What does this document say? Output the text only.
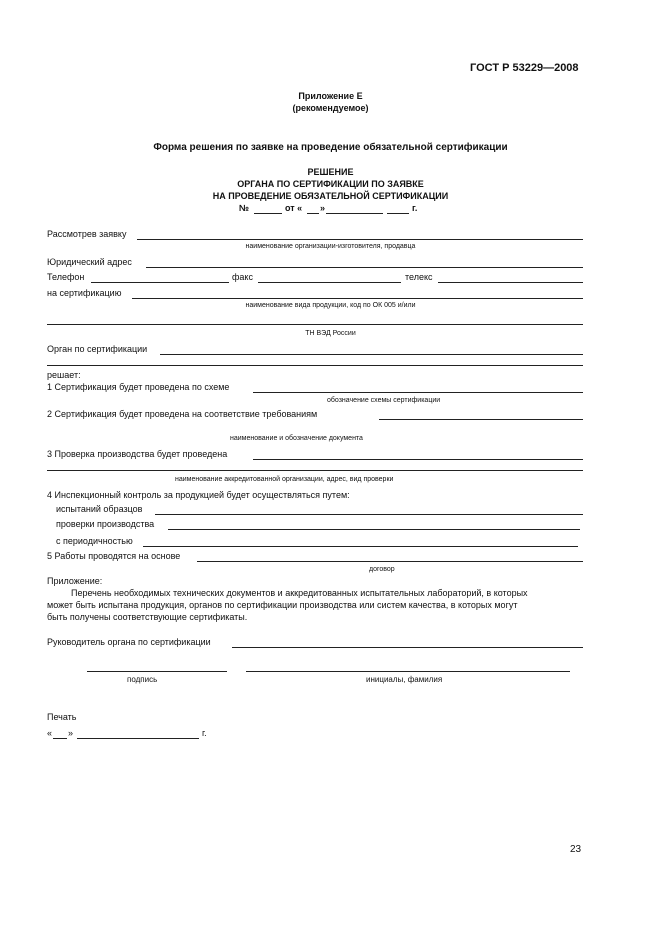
ГОСТ Р 53229—2008
Приложение Е
(рекомендуемое)
Форма решения по заявке на проведение обязательной сертификации
РЕШЕНИЕ
ОРГАНА ПО СЕРТИФИКАЦИИ ПО ЗАЯВКЕ
НА ПРОВЕДЕНИЕ ОБЯЗАТЕЛЬНОЙ СЕРТИФИКАЦИИ
№	от « »	г.
Рассмотрев заявку
наименование организации-изготовителя, продавца
Юридический адрес
Телефон	факс	телекс
на сертификацию
наименование вида продукции, код по ОК 005 и/или
ТН ВЭД России
Орган по сертификации
решает:
1 Сертификация будет проведена по схеме
обозначение схемы сертификации
2 Сертификация будет проведена на соответствие требованиям
наименование и обозначение документа
3 Проверка производства будет проведена
наименование аккредитованной организации, адрес, вид проверки
4 Инспекционный контроль за продукцией будет осуществляться путем:
испытаний образцов
проверки производства
с периодичностью
5 Работы проводятся на основе
договор
Приложение:
Перечень необходимых технических документов и аккредитованных испытательных лабораторий, в которых
может быть испытана продукция, органов по сертификации производства или систем качества, в которых могут
быть получены соответствующие сертификаты.
Руководитель органа по сертификации
подпись	инициалы, фамилия
Печать
« »	г.
23
